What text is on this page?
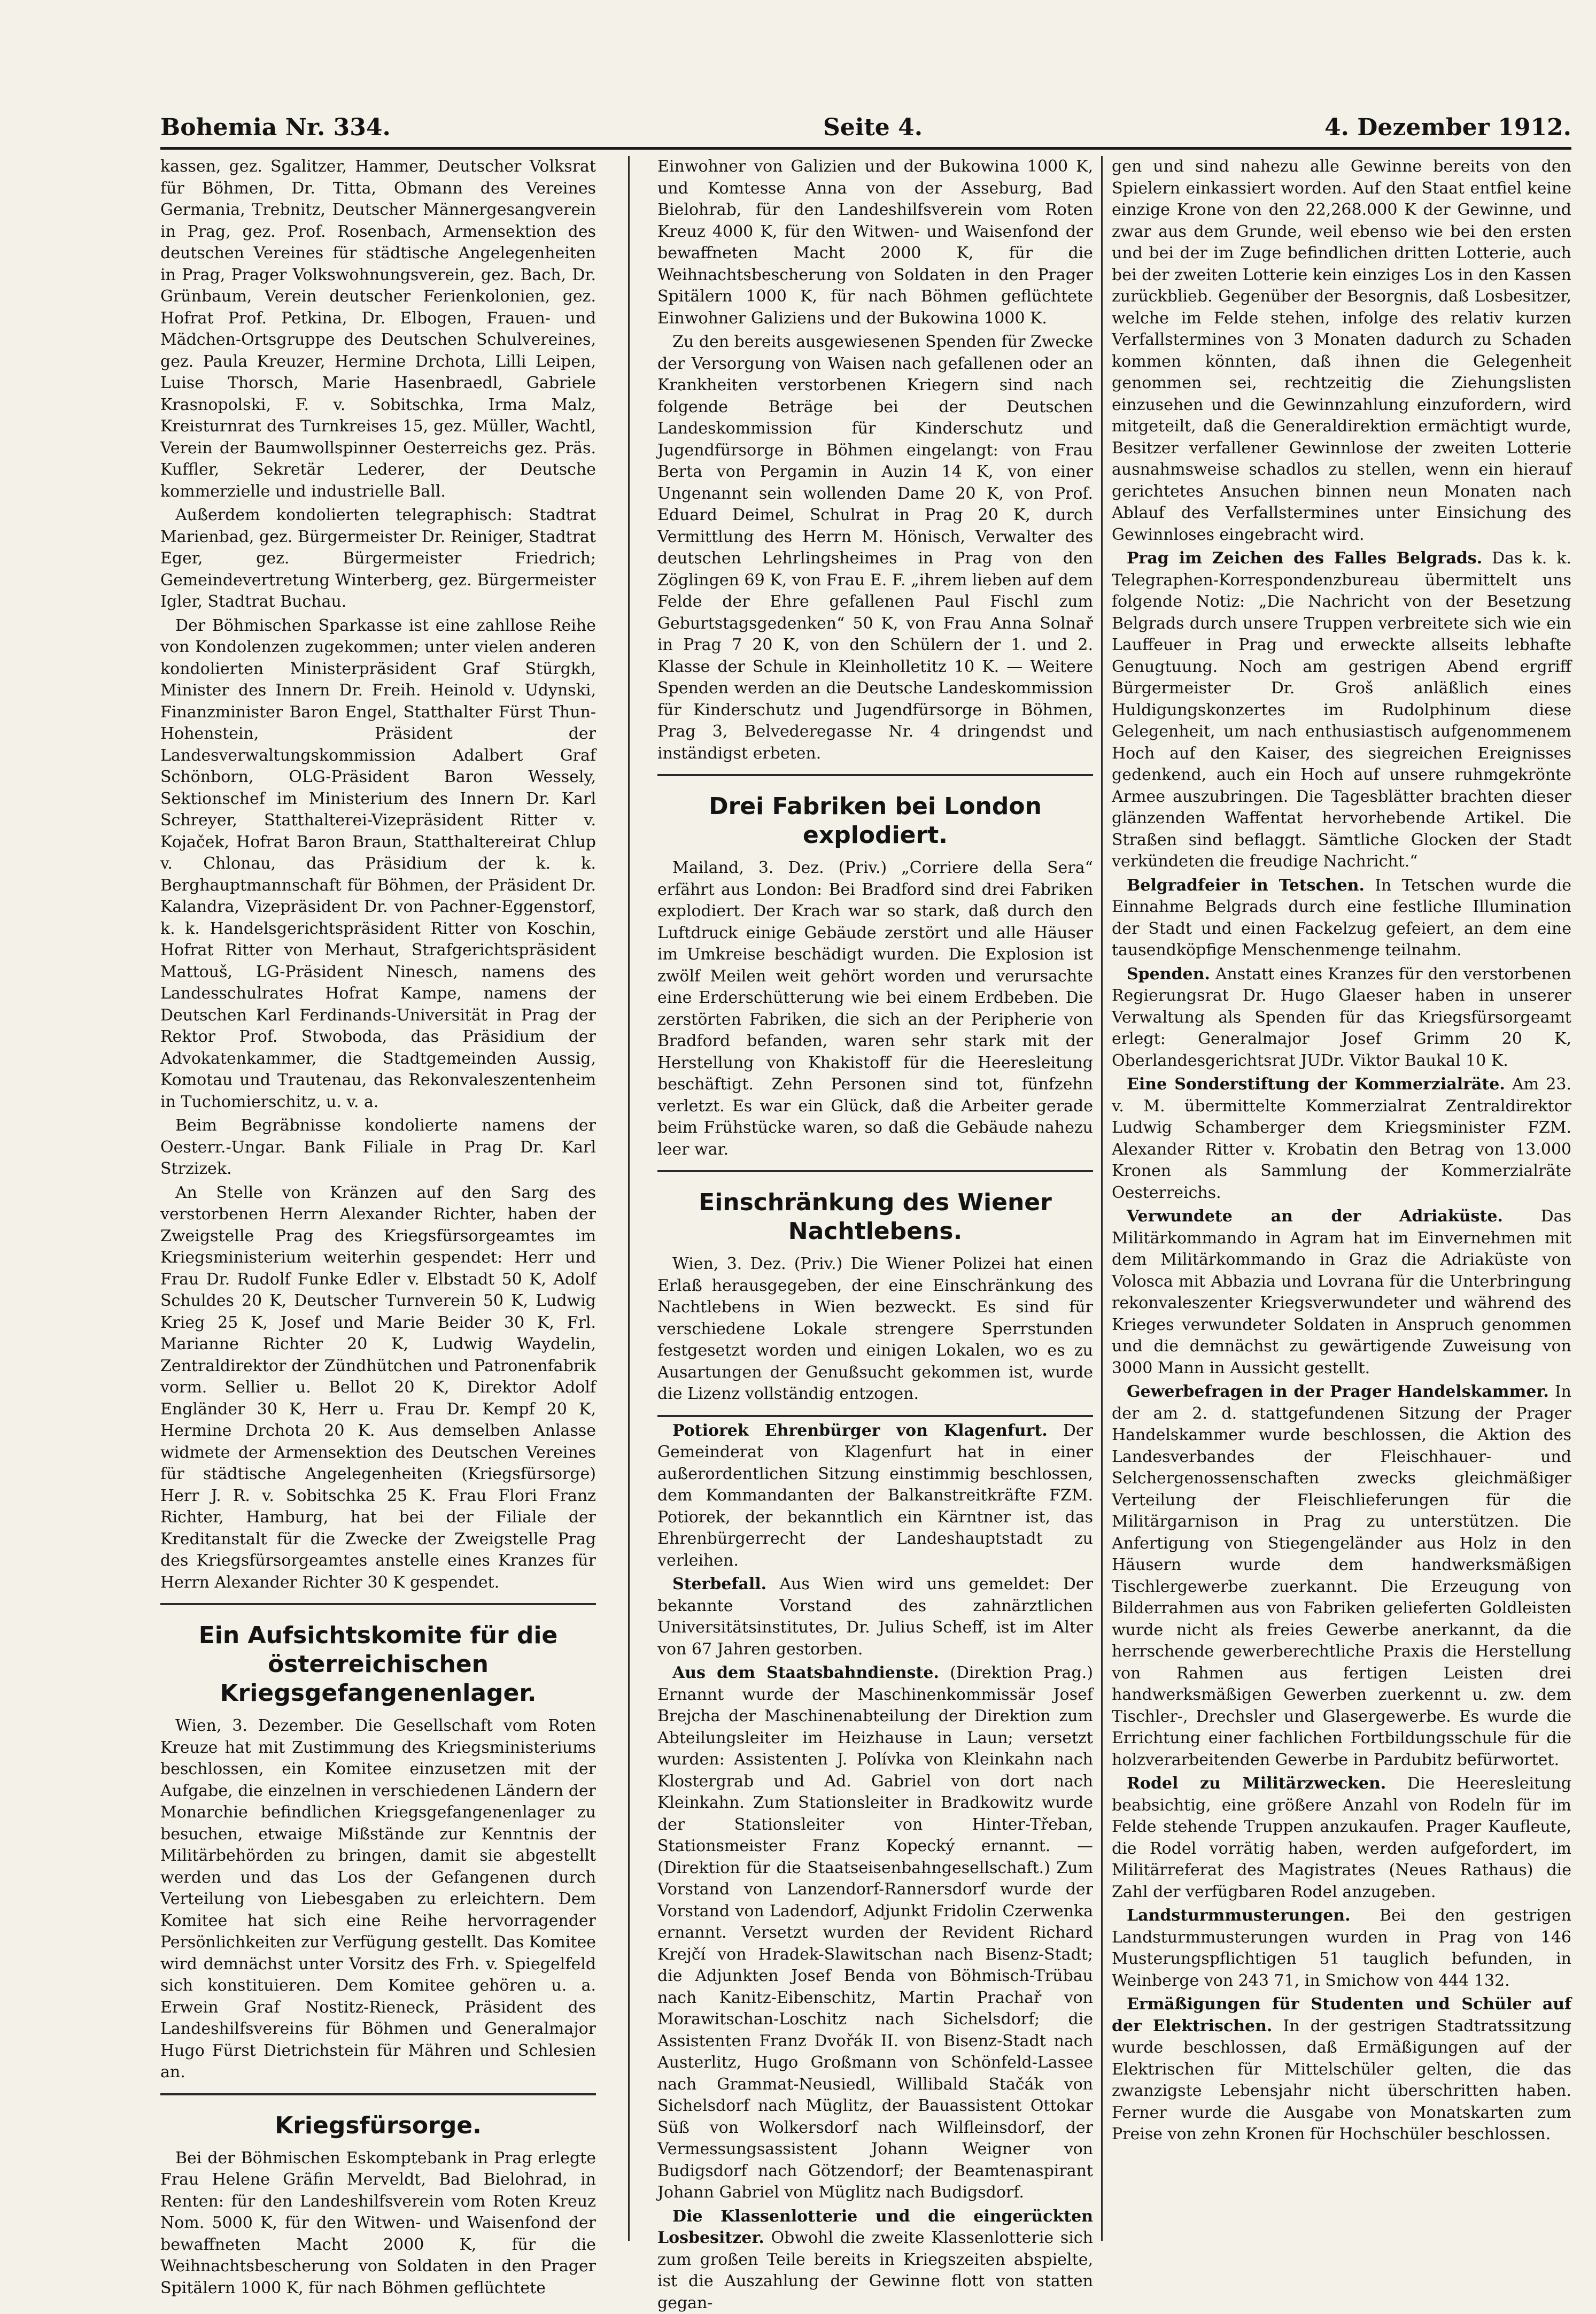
Bohemia Nr. 334.	Seite 4.	4. Dezember 1912.

kassen, gez. Sgalitzer, Hammer, Deutscher Volksrat für Böhmen, Dr. Titta, Obmann des Vereines Germania, Trebnitz, Deutscher Männergesangverein in Prag, gez. Prof. Rosenbach, Armensektion des deutschen Vereines für städtische Angelegenheiten in Prag, Prager Volkswohnungsverein, gez. Bach, Dr. Grünbaum, Verein deutscher Ferienkolonien, gez. Hofrat Prof. Petkina, Dr. Elbogen, Frauen- und Mädchen-Ortsgruppe des Deutschen Schulvereines, gez. Paula Kreuzer, Hermine Drchota, Lilli Leipen, Luise Thorsch, Marie Hasenbraedl, Gabriele Krasnopolski, F. v. Sobitschka, Irma Malz, Kreisturnrat des Turnkreises 15, gez. Müller, Wachtl, Verein der Baumwollspinner Oesterreichs gez. Präs. Kuffler, Sekretär Lederer, der Deutsche kommerzielle und industrielle Ball.

Außerdem kondolierten telegraphisch: Stadtrat Marienbad, gez. Bürgermeister Dr. Reiniger, Stadtrat Eger, gez. Bürgermeister Friedrich; Gemeindevertretung Winterberg, gez. Bürgermeister Igler, Stadtrat Buchau.

Der Böhmischen Sparkasse ist eine zahllose Reihe von Kondolenzen zugekommen; unter vielen anderen kondolierten Ministerpräsident Graf Stürgkh, Minister des Innern Dr. Freih. Heinold v. Udynski, Finanzminister Baron Engel, Statthalter Fürst Thun-Hohenstein, Präsident der Landesverwaltungskommission Adalbert Graf Schönborn, OLG-Präsident Baron Wessely, Sektionschef im Ministerium des Innern Dr. Karl Schreyer, Statthalterei-Vizepräsident Ritter v. Kojaček, Hofrat Baron Braun, Statthaltereirat Chlup v. Chlonau, das Präsidium der k. k. Berghauptmannschaft für Böhmen, der Präsident Dr. Kalandra, Vizepräsident Dr. von Pachner-Eggenstorf, k. k. Handelsgerichtspräsident Ritter von Koschin, Hofrat Ritter von Merhaut, Strafgerichtspräsident Mattouš, LG-Präsident Ninesch, namens des Landesschulrates Hofrat Kampe, namens der Deutschen Karl Ferdinands-Universität in Prag der Rektor Prof. Stwoboda, das Präsidium der Advokatenkammer, die Stadtgemeinden Aussig, Komotau und Trautenau, das Rekonvaleszentenheim in Tuchomierschitz, u. v. a.

Beim Begräbnisse kondolierte namens der Oesterr.-Ungar. Bank Filiale in Prag Dr. Karl Strzizek.

An Stelle von Kränzen auf den Sarg des verstorbenen Herrn Alexander Richter, haben der Zweigstelle Prag des Kriegsfürsorgeamtes im Kriegsministerium weiterhin gespendet: Herr und Frau Dr. Rudolf Funke Edler v. Elbstadt 50 K, Adolf Schuldes 20 K, Deutscher Turnverein 50 K, Ludwig Krieg 25 K, Josef und Marie Beider 30 K, Frl. Marianne Richter 20 K, Ludwig Waydelin, Zentraldirektor der Zündhütchen und Patronenfabrik vorm. Sellier u. Bellot 20 K, Direktor Adolf Engländer 30 K, Herr u. Frau Dr. Kempf 20 K, Hermine Drchota 20 K. Aus demselben Anlasse widmete der Armensektion des Deutschen Vereines für städtische Angelegenheiten (Kriegsfürsorge) Herr J. R. v. Sobitschka 25 K. Frau Flori Franz Richter, Hamburg, hat bei der Filiale der Kreditanstalt für die Zwecke der Zweigstelle Prag des Kriegsfürsorgeamtes anstelle eines Kranzes für Herrn Alexander Richter 30 K gespendet.

Ein Aufsichtskomite für die österreichischen Kriegsgefangenenlager.

Wien, 3. Dezember. Die Gesellschaft vom Roten Kreuze hat mit Zustimmung des Kriegsministeriums beschlossen, ein Komitee einzusetzen mit der Aufgabe, die einzelnen in verschiedenen Ländern der Monarchie befindlichen Kriegsgefangenenlager zu besuchen, etwaige Mißstände zur Kenntnis der Militärbehörden zu bringen, damit sie abgestellt werden und das Los der Gefangenen durch Verteilung von Liebesgaben zu erleichtern. Dem Komitee hat sich eine Reihe hervorragender Persönlichkeiten zur Verfügung gestellt. Das Komitee wird demnächst unter Vorsitz des Frh. v. Spiegelfeld sich konstituieren. Dem Komitee gehören u. a. Erwein Graf Nostitz-Rieneck, Präsident des Landeshilfsvereins für Böhmen und Generalmajor Hugo Fürst Dietrichstein für Mähren und Schlesien an.

Kriegsfürsorge.

Bei der Böhmischen Eskomptebank in Prag erlegte Frau Helene Gräfin Merveldt, Bad Bielohrad, in Renten: für den Landeshilfsverein vom Roten Kreuz Nom. 5000 K, für den Witwen- und Waisenfond der bewaffneten Macht 2000 K, für die Weihnachtsbescherung von Soldaten in den Prager Spitälern 1000 K, für nach Böhmen geflüchtete

Einwohner von Galizien und der Bukowina 1000 K, und Komtesse Anna von der Asseburg, Bad Bielohrab, für den Landeshilfsverein vom Roten Kreuz 4000 K, für den Witwen- und Waisenfond der bewaffneten Macht 2000 K, für die Weihnachtsbescherung von Soldaten in den Prager Spitälern 1000 K, für nach Böhmen geflüchtete Einwohner Galiziens und der Bukowina 1000 K.

Zu den bereits ausgewiesenen Spenden für Zwecke der Versorgung von Waisen nach gefallenen oder an Krankheiten verstorbenen Kriegern sind nach folgende Beträge bei der Deutschen Landeskommission für Kinderschutz und Jugendfürsorge in Böhmen eingelangt: von Frau Berta von Pergamin in Auzin 14 K, von einer Ungenannt sein wollenden Dame 20 K, von Prof. Eduard Deimel, Schulrat in Prag 20 K, durch Vermittlung des Herrn M. Hönisch, Verwalter des deutschen Lehrlingsheimes in Prag von den Zöglingen 69 K, von Frau E. F. „ihrem lieben auf dem Felde der Ehre gefallenen Paul Fischl zum Geburtstagsgedenken“ 50 K, von Frau Anna Solnař in Prag 7 20 K, von den Schülern der 1. und 2. Klasse der Schule in Kleinholletitz 10 K. — Weitere Spenden werden an die Deutsche Landeskommission für Kinderschutz und Jugendfürsorge in Böhmen, Prag 3, Belvederegasse Nr. 4 dringendst und inständigst erbeten.

Drei Fabriken bei London explodiert.

Mailand, 3. Dez. (Priv.) „Corriere della Sera“ erfährt aus London: Bei Bradford sind drei Fabriken explodiert. Der Krach war so stark, daß durch den Luftdruck einige Gebäude zerstört und alle Häuser im Umkreise beschädigt wurden. Die Explosion ist zwölf Meilen weit gehört worden und verursachte eine Erderschütterung wie bei einem Erdbeben. Die zerstörten Fabriken, die sich an der Peripherie von Bradford befanden, waren sehr stark mit der Herstellung von Khakistoff für die Heeresleitung beschäftigt. Zehn Personen sind tot, fünfzehn verletzt. Es war ein Glück, daß die Arbeiter gerade beim Frühstücke waren, so daß die Gebäude nahezu leer war.

Einschränkung des Wiener Nachtlebens.

Wien, 3. Dez. (Priv.) Die Wiener Polizei hat einen Erlaß herausgegeben, der eine Einschränkung des Nachtlebens in Wien bezweckt. Es sind für verschiedene Lokale strengere Sperrstunden festgesetzt worden und einigen Lokalen, wo es zu Ausartungen der Genußsucht gekommen ist, wurde die Lizenz vollständig entzogen.

Potiorek Ehrenbürger von Klagenfurt. Der Gemeinderat von Klagenfurt hat in einer außerordentlichen Sitzung einstimmig beschlossen, dem Kommandanten der Balkanstreitkräfte FZM. Potiorek, der bekanntlich ein Kärntner ist, das Ehrenbürgerrecht der Landeshauptstadt zu verleihen.

Sterbefall. Aus Wien wird uns gemeldet: Der bekannte Vorstand des zahnärztlichen Universitätsinstitutes, Dr. Julius Scheff, ist im Alter von 67 Jahren gestorben.

Aus dem Staatsbahndienste. (Direktion Prag.) Ernannt wurde der Maschinenkommissär Josef Brejcha der Maschinenabteilung der Direktion zum Abteilungsleiter im Heizhause in Laun; versetzt wurden: Assistenten J. Polívka von Kleinkahn nach Klostergrab und Ad. Gabriel von dort nach Kleinkahn. Zum Stationsleiter in Bradkowitz wurde der Stationsleiter von Hinter-Třeban, Stationsmeister Franz Kopecký ernannt. — (Direktion für die Staatseisenbahngesellschaft.) Zum Vorstand von Lanzendorf-Rannersdorf wurde der Vorstand von Ladendorf, Adjunkt Fridolin Czerwenka ernannt. Versetzt wurden der Revident Richard Krejčí von Hradek-Slawitschan nach Bisenz-Stadt; die Adjunkten Josef Benda von Böhmisch-Trübau nach Kanitz-Eibenschitz, Martin Prachař von Morawitschan-Loschitz nach Sichelsdorf; die Assistenten Franz Dvořák II. von Bisenz-Stadt nach Austerlitz, Hugo Großmann von Schönfeld-Lassee nach Grammat-Neusiedl, Willibald Stačák von Sichelsdorf nach Müglitz, der Bauassistent Ottokar Süß von Wolkersdorf nach Wilfleinsdorf, der Vermessungsassistent Johann Weigner von Budigsdorf nach Götzendorf; der Beamtenaspirant Johann Gabriel von Müglitz nach Budigsdorf.

Die Klassenlotterie und die eingerückten Losbesitzer. Obwohl die zweite Klassenlotterie sich zum großen Teile bereits in Kriegszeiten abspielte, ist die Auszahlung der Gewinne flott von statten gegan-

gen und sind nahezu alle Gewinne bereits von den Spielern einkassiert worden. Auf den Staat entfiel keine einzige Krone von den 22,268.000 K der Gewinne, und zwar aus dem Grunde, weil ebenso wie bei den ersten und bei der im Zuge befindlichen dritten Lotterie, auch bei der zweiten Lotterie kein einziges Los in den Kassen zurückblieb. Gegenüber der Besorgnis, daß Losbesitzer, welche im Felde stehen, infolge des relativ kurzen Verfallstermines von 3 Monaten dadurch zu Schaden kommen könnten, daß ihnen die Gelegenheit genommen sei, rechtzeitig die Ziehungslisten einzusehen und die Gewinnzahlung einzufordern, wird mitgeteilt, daß die Generaldirektion ermächtigt wurde, Besitzer verfallener Gewinnlose der zweiten Lotterie ausnahmsweise schadlos zu stellen, wenn ein hierauf gerichtetes Ansuchen binnen neun Monaten nach Ablauf des Verfallstermines unter Einsichung des Gewinnloses eingebracht wird.

Prag im Zeichen des Falles Belgrads. Das k. k. Telegraphen-Korrespondenzbureau übermittelt uns folgende Notiz: „Die Nachricht von der Besetzung Belgrads durch unsere Truppen verbreitete sich wie ein Lauffeuer in Prag und erweckte allseits lebhafte Genugtuung. Noch am gestrigen Abend ergriff Bürgermeister Dr. Groš anläßlich eines Huldigungskonzertes im Rudolphinum diese Gelegenheit, um nach enthusiastisch aufgenommenem Hoch auf den Kaiser, des siegreichen Ereignisses gedenkend, auch ein Hoch auf unsere ruhmgekrönte Armee auszubringen. Die Tagesblätter brachten dieser glänzenden Waffentat hervorhebende Artikel. Die Straßen sind beflaggt. Sämtliche Glocken der Stadt verkündeten die freudige Nachricht.“

Belgradfeier in Tetschen. In Tetschen wurde die Einnahme Belgrads durch eine festliche Illumination der Stadt und einen Fackelzug gefeiert, an dem eine tausendköpfige Menschenmenge teilnahm.

Spenden. Anstatt eines Kranzes für den verstorbenen Regierungsrat Dr. Hugo Glaeser haben in unserer Verwaltung als Spenden für das Kriegsfürsorgeamt erlegt: Generalmajor Josef Grimm 20 K, Oberlandesgerichtsrat JUDr. Viktor Baukal 10 K.

Eine Sonderstiftung der Kommerzialräte. Am 23. v. M. übermittelte Kommerzialrat Zentraldirektor Ludwig Schamberger dem Kriegsminister FZM. Alexander Ritter v. Krobatin den Betrag von 13.000 Kronen als Sammlung der Kommerzialräte Oesterreichs.

Verwundete an der Adriaküste. Das Militärkommando in Agram hat im Einvernehmen mit dem Militärkommando in Graz die Adriaküste von Volosca mit Abbazia und Lovrana für die Unterbringung rekonvaleszenter Kriegsverwundeter und während des Krieges verwundeter Soldaten in Anspruch genommen und die demnächst zu gewärtigende Zuweisung von 3000 Mann in Aussicht gestellt.

Gewerbefragen in der Prager Handelskammer. In der am 2. d. stattgefundenen Sitzung der Prager Handelskammer wurde beschlossen, die Aktion des Landesverbandes der Fleischhauer- und Selchergenossenschaften zwecks gleichmäßiger Verteilung der Fleischlieferungen für die Militärgarnison in Prag zu unterstützen. Die Anfertigung von Stiegengeländer aus Holz in den Häusern wurde dem handwerksmäßigen Tischlergewerbe zuerkannt. Die Erzeugung von Bilderrahmen aus von Fabriken gelieferten Goldleisten wurde nicht als freies Gewerbe anerkannt, da die herrschende gewerberechtliche Praxis die Herstellung von Rahmen aus fertigen Leisten drei handwerksmäßigen Gewerben zuerkennt u. zw. dem Tischler-, Drechsler und Glasergewerbe. Es wurde die Errichtung einer fachlichen Fortbildungsschule für die holzverarbeitenden Gewerbe in Pardubitz befürwortet.

Rodel zu Militärzwecken. Die Heeresleitung beabsichtig, eine größere Anzahl von Rodeln für im Felde stehende Truppen anzukaufen. Prager Kaufleute, die Rodel vorrätig haben, werden aufgefordert, im Militärreferat des Magistrates (Neues Rathaus) die Zahl der verfügbaren Rodel anzugeben.

Landsturmmusterungen. Bei den gestrigen Landsturmmusterungen wurden in Prag von 146 Musterungspflichtigen 51 tauglich befunden, in Weinberge von 243 71, in Smichow von 444 132.

Ermäßigungen für Studenten und Schüler auf der Elektrischen. In der gestrigen Stadtratssitzung wurde beschlossen, daß Ermäßigungen auf der Elektrischen für Mittelschüler gelten, die das zwanzigste Lebensjahr nicht überschritten haben. Ferner wurde die Ausgabe von Monatskarten zum Preise von zehn Kronen für Hochschüler beschlossen.
